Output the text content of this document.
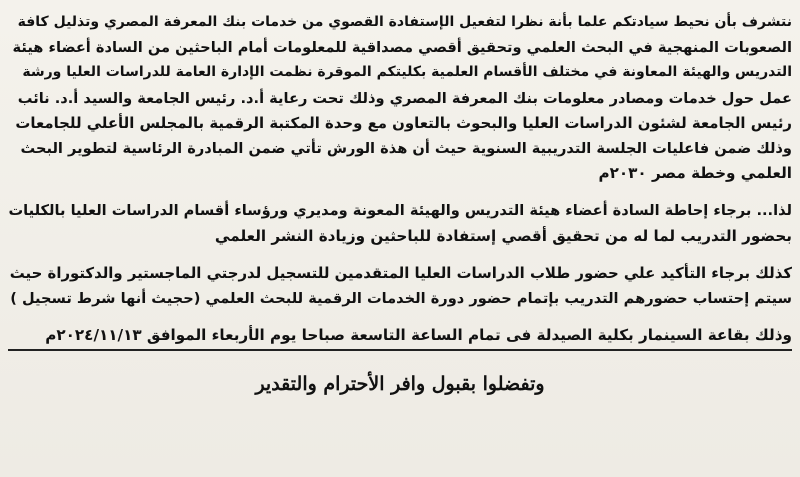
نتشرف بأن نحيط سيادتكم علما بأنة نظرا لتفعيل الإستفادة القصوي من خدمات بنك المعرفة المصري وتذليل كافة
الصعوبات المنهجية في البحث العلمي وتحقيق أقصي مصداقية للمعلومات أمام الباحثين من السادة أعضاء هيئة
التدريس والهيئة المعاونة في مختلف الأقسام العلمية بكليتكم الموقرة نظمت الإدارة العامة للدراسات العليا ورشة
عمل حول خدمات ومصادر معلومات بنك المعرفة المصري وذلك تحت رعاية أ.د. رئيس الجامعة والسيد أ.د. نائب
رئيس الجامعة لشئون الدراسات العليا والبحوث بالتعاون مع وحدة المكتبة الرقمية بالمجلس الأعلي للجامعات
وذلك ضمن فاعليات الجلسة التدريبية السنوية حيث أن هذة الورش تأتي ضمن المبادرة الرئاسية لتطوير البحث
العلمي وخطة مصر ٢٠٣٠م

لذا... برجاء إحاطة السادة أعضاء هيئة التدريس والهيئة المعونة ومديري ورؤساء أقسام الدراسات العليا بالكليات
بحضور التدريب لما له من تحقيق أقصي إستفادة للباحثين وزيادة النشر العلمي

كذلك برجاء التأكيد علي حضور طلاب الدراسات العليا المتقدمين للتسجيل لدرجتي الماجستير والدكتوراة حيث
سيتم إحتساب حضورهم التدريب بإتمام حضور دورة الخدمات الرقمية للبحث العلمي (حجيث أنها شرط تسجيل )

وذلك بقاعة السينمار بكلية الصيدلة فى تمام الساعة التاسعة صباحا يوم الأربعاء الموافق ٢٠٢٤/١١/١٣م

وتفضلوا بقبول وافر الأحترام والتقدير
